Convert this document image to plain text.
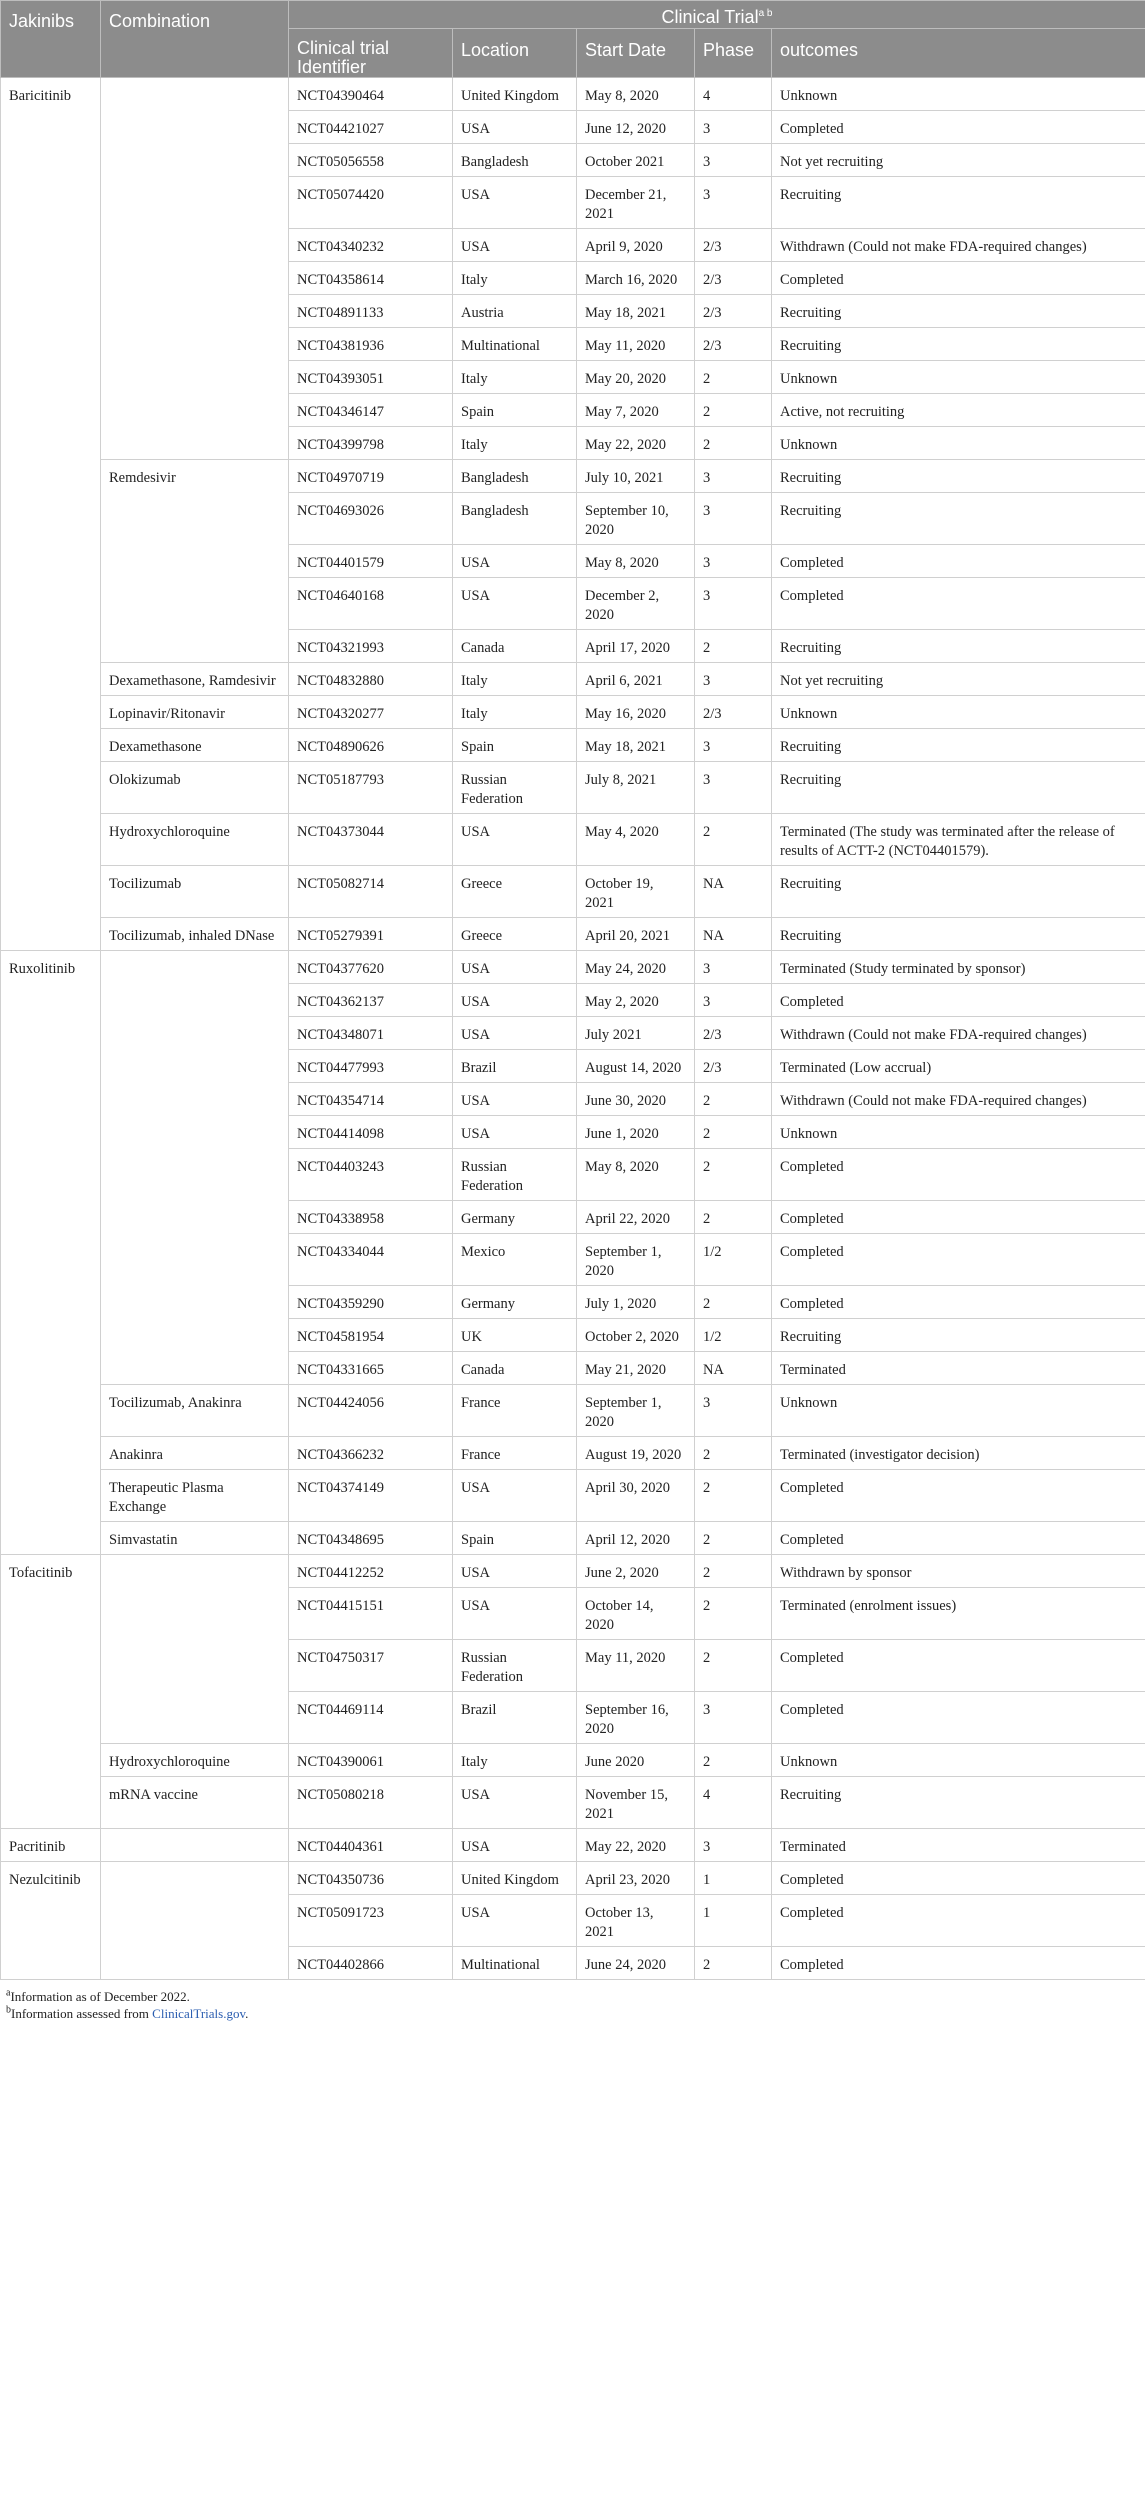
Jakinibs	Combination	Clinical Trial$^{a b}$

		Clinical trial Identifier	Location	Start Date	Phase	outcomes

Baricitinib		NCT04390464	United Kingdom	May 8, 2020	4	Unknown

		NCT04421027	USA	June 12, 2020	3	Completed

		NCT05056558	Bangladesh	October 2021	3	Not yet recruiting

		NCT05074420	USA	December 21, 2021	3	Recruiting

		NCT04340232	USA	April 9, 2020	2/3	Withdrawn (Could not make FDA-required changes)

		NCT04358614	Italy	March 16, 2020	2/3	Completed

		NCT04891133	Austria	May 18, 2021	2/3	Recruiting

		NCT04381936	Multinational	May 11, 2020	2/3	Recruiting

		NCT04393051	Italy	May 20, 2020	2	Unknown

		NCT04346147	Spain	May 7, 2020	2	Active, not recruiting

		NCT04399798	Italy	May 22, 2020	2	Unknown

	Remdesivir	NCT04970719	Bangladesh	July 10, 2021	3	Recruiting

		NCT04693026	Bangladesh	September 10, 2020	3	Recruiting

		NCT04401579	USA	May 8, 2020	3	Completed

		NCT04640168	USA	December 2, 2020	3	Completed

		NCT04321993	Canada	April 17, 2020	2	Recruiting

	Dexamethasone, Ramdesivir	NCT04832880	Italy	April 6, 2021	3	Not yet recruiting

	Lopinavir/Ritonavir	NCT04320277	Italy	May 16, 2020	2/3	Unknown

	Dexamethasone	NCT04890626	Spain	May 18, 2021	3	Recruiting

	Olokizumab	NCT05187793	Russian Federation	July 8, 2021	3	Recruiting

	Hydroxychloroquine	NCT04373044	USA	May 4, 2020	2	Terminated (The study was terminated after the release of results of ACTT-2 (NCT04401579).

	Tocilizumab	NCT05082714	Greece	October 19, 2021	NA	Recruiting

	Tocilizumab, inhaled DNase	NCT05279391	Greece	April 20, 2021	NA	Recruiting

Ruxolitinib		NCT04377620	USA	May 24, 2020	3	Terminated (Study terminated by sponsor)

		NCT04362137	USA	May 2, 2020	3	Completed

		NCT04348071	USA	July 2021	2/3	Withdrawn (Could not make FDA-required changes)

		NCT04477993	Brazil	August 14, 2020	2/3	Terminated (Low accrual)

		NCT04354714	USA	June 30, 2020	2	Withdrawn (Could not make FDA-required changes)

		NCT04414098	USA	June 1, 2020	2	Unknown

		NCT04403243	Russian Federation	May 8, 2020	2	Completed

		NCT04338958	Germany	April 22, 2020	2	Completed

		NCT04334044	Mexico	September 1, 2020	1/2	Completed

		NCT04359290	Germany	July 1, 2020	2	Completed

		NCT04581954	UK	October 2, 2020	1/2	Recruiting

		NCT04331665	Canada	May 21, 2020	NA	Terminated

	Tocilizumab, Anakinra	NCT04424056	France	September 1, 2020	3	Unknown

	Anakinra	NCT04366232	France	August 19, 2020	2	Terminated (investigator decision)

	Therapeutic Plasma Exchange	NCT04374149	USA	April 30, 2020	2	Completed

	Simvastatin	NCT04348695	Spain	April 12, 2020	2	Completed

Tofacitinib		NCT04412252	USA	June 2, 2020	2	Withdrawn by sponsor

		NCT04415151	USA	October 14, 2020	2	Terminated (enrolment issues)

		NCT04750317	Russian Federation	May 11, 2020	2	Completed

		NCT04469114	Brazil	September 16, 2020	3	Completed

	Hydroxychloroquine	NCT04390061	Italy	June 2020	2	Unknown

	mRNA vaccine	NCT05080218	USA	November 15, 2021	4	Recruiting

Pacritinib		NCT04404361	USA	May 22, 2020	3	Terminated

Nezulcitinib		NCT04350736	United Kingdom	April 23, 2020	1	Completed

		NCT05091723	USA	October 13, 2021	1	Completed

		NCT04402866	Multinational	June 24, 2020	2	Completed
$^a$Information as of December 2022.
$^b$Information assessed from ClinicalTrials.gov.
